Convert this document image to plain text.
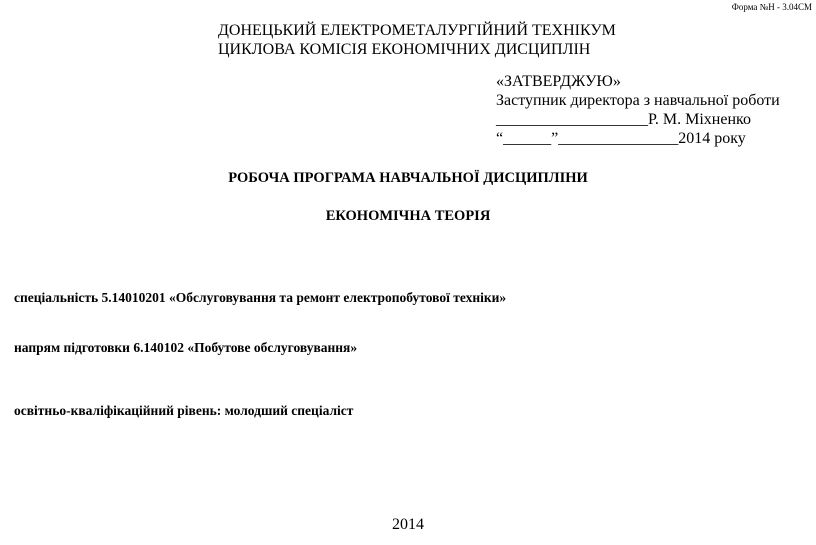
Форма №Н - 3.04СМ
ДОНЕЦЬКИЙ ЕЛЕКТРОМЕТАЛУРГІЙНИЙ ТЕХНІКУМ
ЦИКЛОВА КОМІСІЯ ЕКОНОМІЧНИХ ДИСЦИПЛІН
«ЗАТВЕРДЖУЮ»
Заступник директора з навчальної роботи
___________________Р. М. Міхненко
“______”_______________2014 року
РОБОЧА ПРОГРАМА НАВЧАЛЬНОЇ ДИСЦИПЛІНИ
ЕКОНОМІЧНА ТЕОРІЯ
спеціальність 5.14010201 «Обслуговування та ремонт електропобутової техніки»
напрям підготовки 6.140102 «Побутове обслуговування»
освітньо-кваліфікаційний рівень: молодший спеціаліст
2014
